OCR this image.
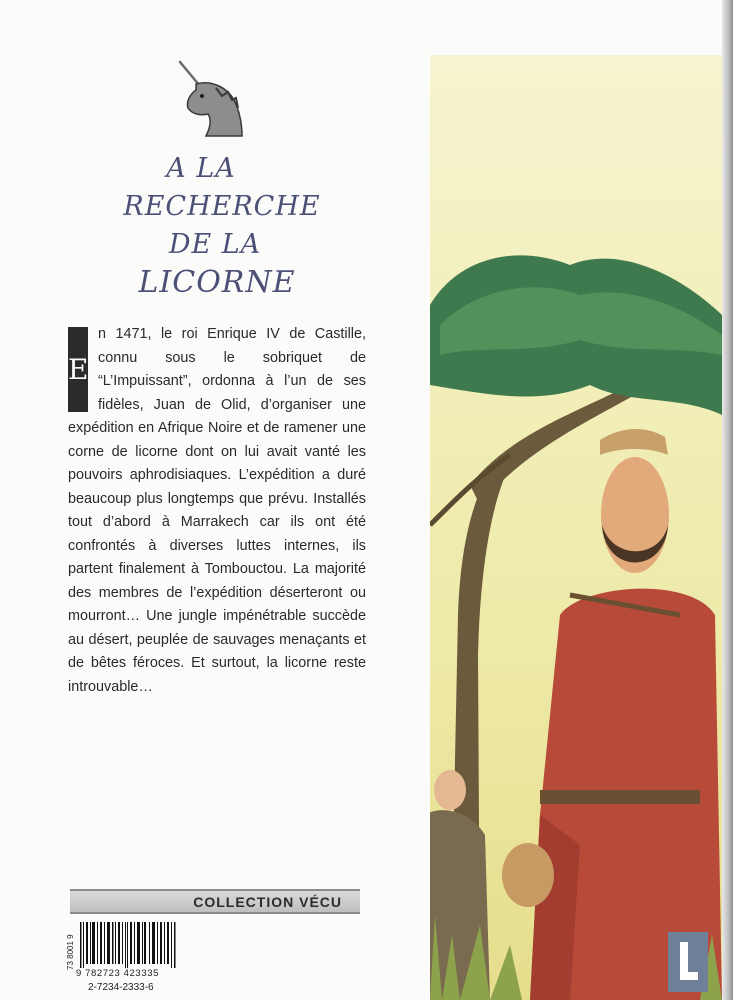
A LA
RECHERCHE
DE LA
LICORNE
E

n 1471, le roi Enrique IV de Castille, connu sous le sobriquet de “L’Impuissant”, ordonna à l’un de ses fidèles, Juan de Olid, d’organiser une expédition en Afrique Noire et de ramener une corne de licorne dont on lui avait vanté les pouvoirs aphrodisiaques. L’expédition a duré beaucoup plus longtemps que prévu. Installés tout d’abord à Marrakech car ils ont été confrontés à diverses luttes internes, ils partent finalement à Tombouctou. La majorité des membres de l’expédition déserteront ou mourront… Une jungle impénétrable succède au désert, peuplée de sauvages menaçants et de bêtes féroces. Et surtout, la licorne reste introuvable…

COLLECTION VÉCU
73 8001 9
9 782723 423335
2-7234-2333-6
